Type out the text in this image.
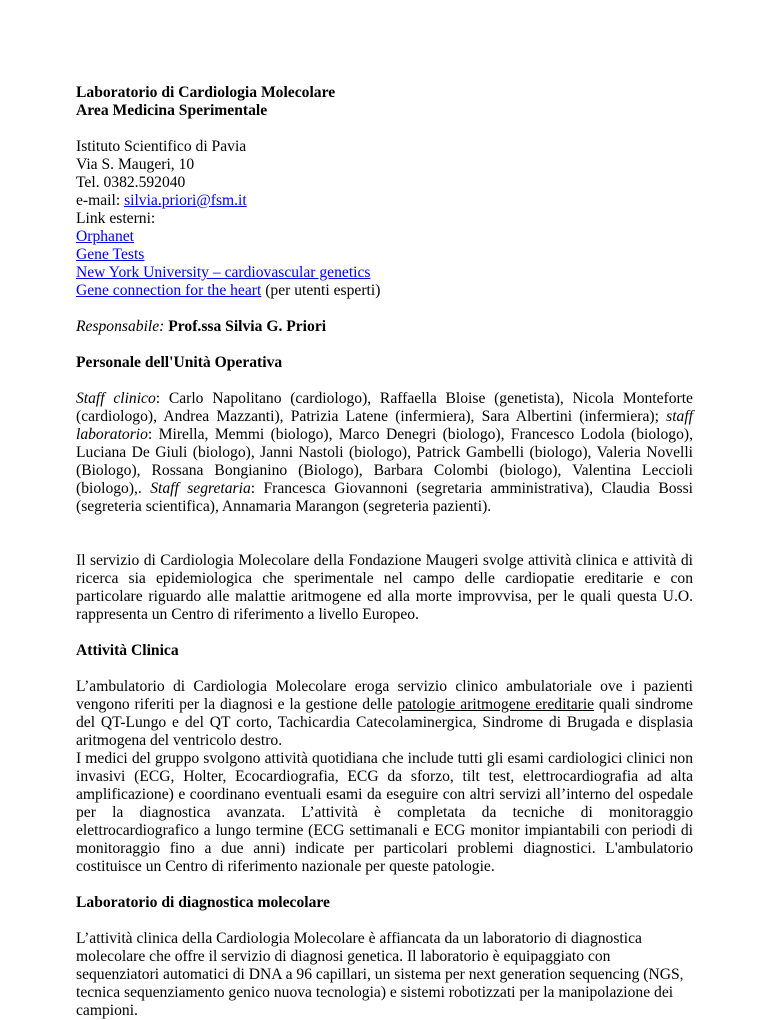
Laboratorio di Cardiologia Molecolare

Area Medicina Sperimentale

Istituto Scientifico di Pavia

Via S. Maugeri, 10

Tel. 0382.592040

e-mail: silvia.priori@fsm.it

Link esterni:

Orphanet

Gene Tests

New York University – cardiovascular genetics

Gene connection for the heart (per utenti esperti)

Responsabile: Prof.ssa Silvia G. Priori

Personale dell'Unità Operativa

Staff clinico: Carlo Napolitano (cardiologo), Raffaella Bloise (genetista), Nicola Monteforte (cardiologo), Andrea Mazzanti), Patrizia Latene (infermiera), Sara Albertini (infermiera); staff laboratorio: Mirella, Memmi (biologo), Marco Denegri (biologo), Francesco Lodola (biologo), Luciana De Giuli (biologo), Janni Nastoli (biologo), Patrick Gambelli (biologo), Valeria Novelli (Biologo), Rossana Bongianino (Biologo), Barbara Colombi (biologo), Valentina Leccioli (biologo),. Staff segretaria: Francesca Giovannoni (segretaria amministrativa), Claudia Bossi (segreteria scientifica), Annamaria Marangon (segreteria pazienti).

Il servizio di Cardiologia Molecolare della Fondazione Maugeri svolge attività clinica e attività di ricerca sia epidemiologica che sperimentale nel campo delle cardiopatie ereditarie e con particolare riguardo alle malattie aritmogene ed alla morte improvvisa, per le quali questa U.O. rappresenta un Centro di riferimento a livello Europeo.

Attività Clinica

L’ambulatorio di Cardiologia Molecolare eroga servizio clinico ambulatoriale ove i pazienti vengono riferiti per la diagnosi e la gestione delle patologie aritmogene ereditarie quali sindrome del QT-Lungo e del QT corto, Tachicardia Catecolaminergica, Sindrome di Brugada e displasia aritmogena del ventricolo destro.

I medici del gruppo svolgono attività quotidiana che include tutti gli esami cardiologici clinici non invasivi (ECG, Holter, Ecocardiografia, ECG da sforzo, tilt test, elettrocardiografia ad alta amplificazione) e coordinano eventuali esami da eseguire con altri servizi all’interno del ospedale per la diagnostica avanzata. L’attività è completata da tecniche di monitoraggio elettrocardiografico a lungo termine (ECG settimanali e ECG monitor impiantabili con periodi di monitoraggio fino a due anni) indicate per particolari problemi diagnostici. L'ambulatorio costituisce un Centro di riferimento nazionale per queste patologie.

Laboratorio di diagnostica molecolare

L’attività clinica della Cardiologia Molecolare è affiancata da un laboratorio di diagnostica molecolare che offre il servizio di diagnosi genetica. Il laboratorio è equipaggiato con sequenziatori automatici di DNA a 96 capillari, un sistema per next generation sequencing (NGS, tecnica sequenziamento genico nuova tecnologia) e sistemi robotizzati per la manipolazione dei campioni.
